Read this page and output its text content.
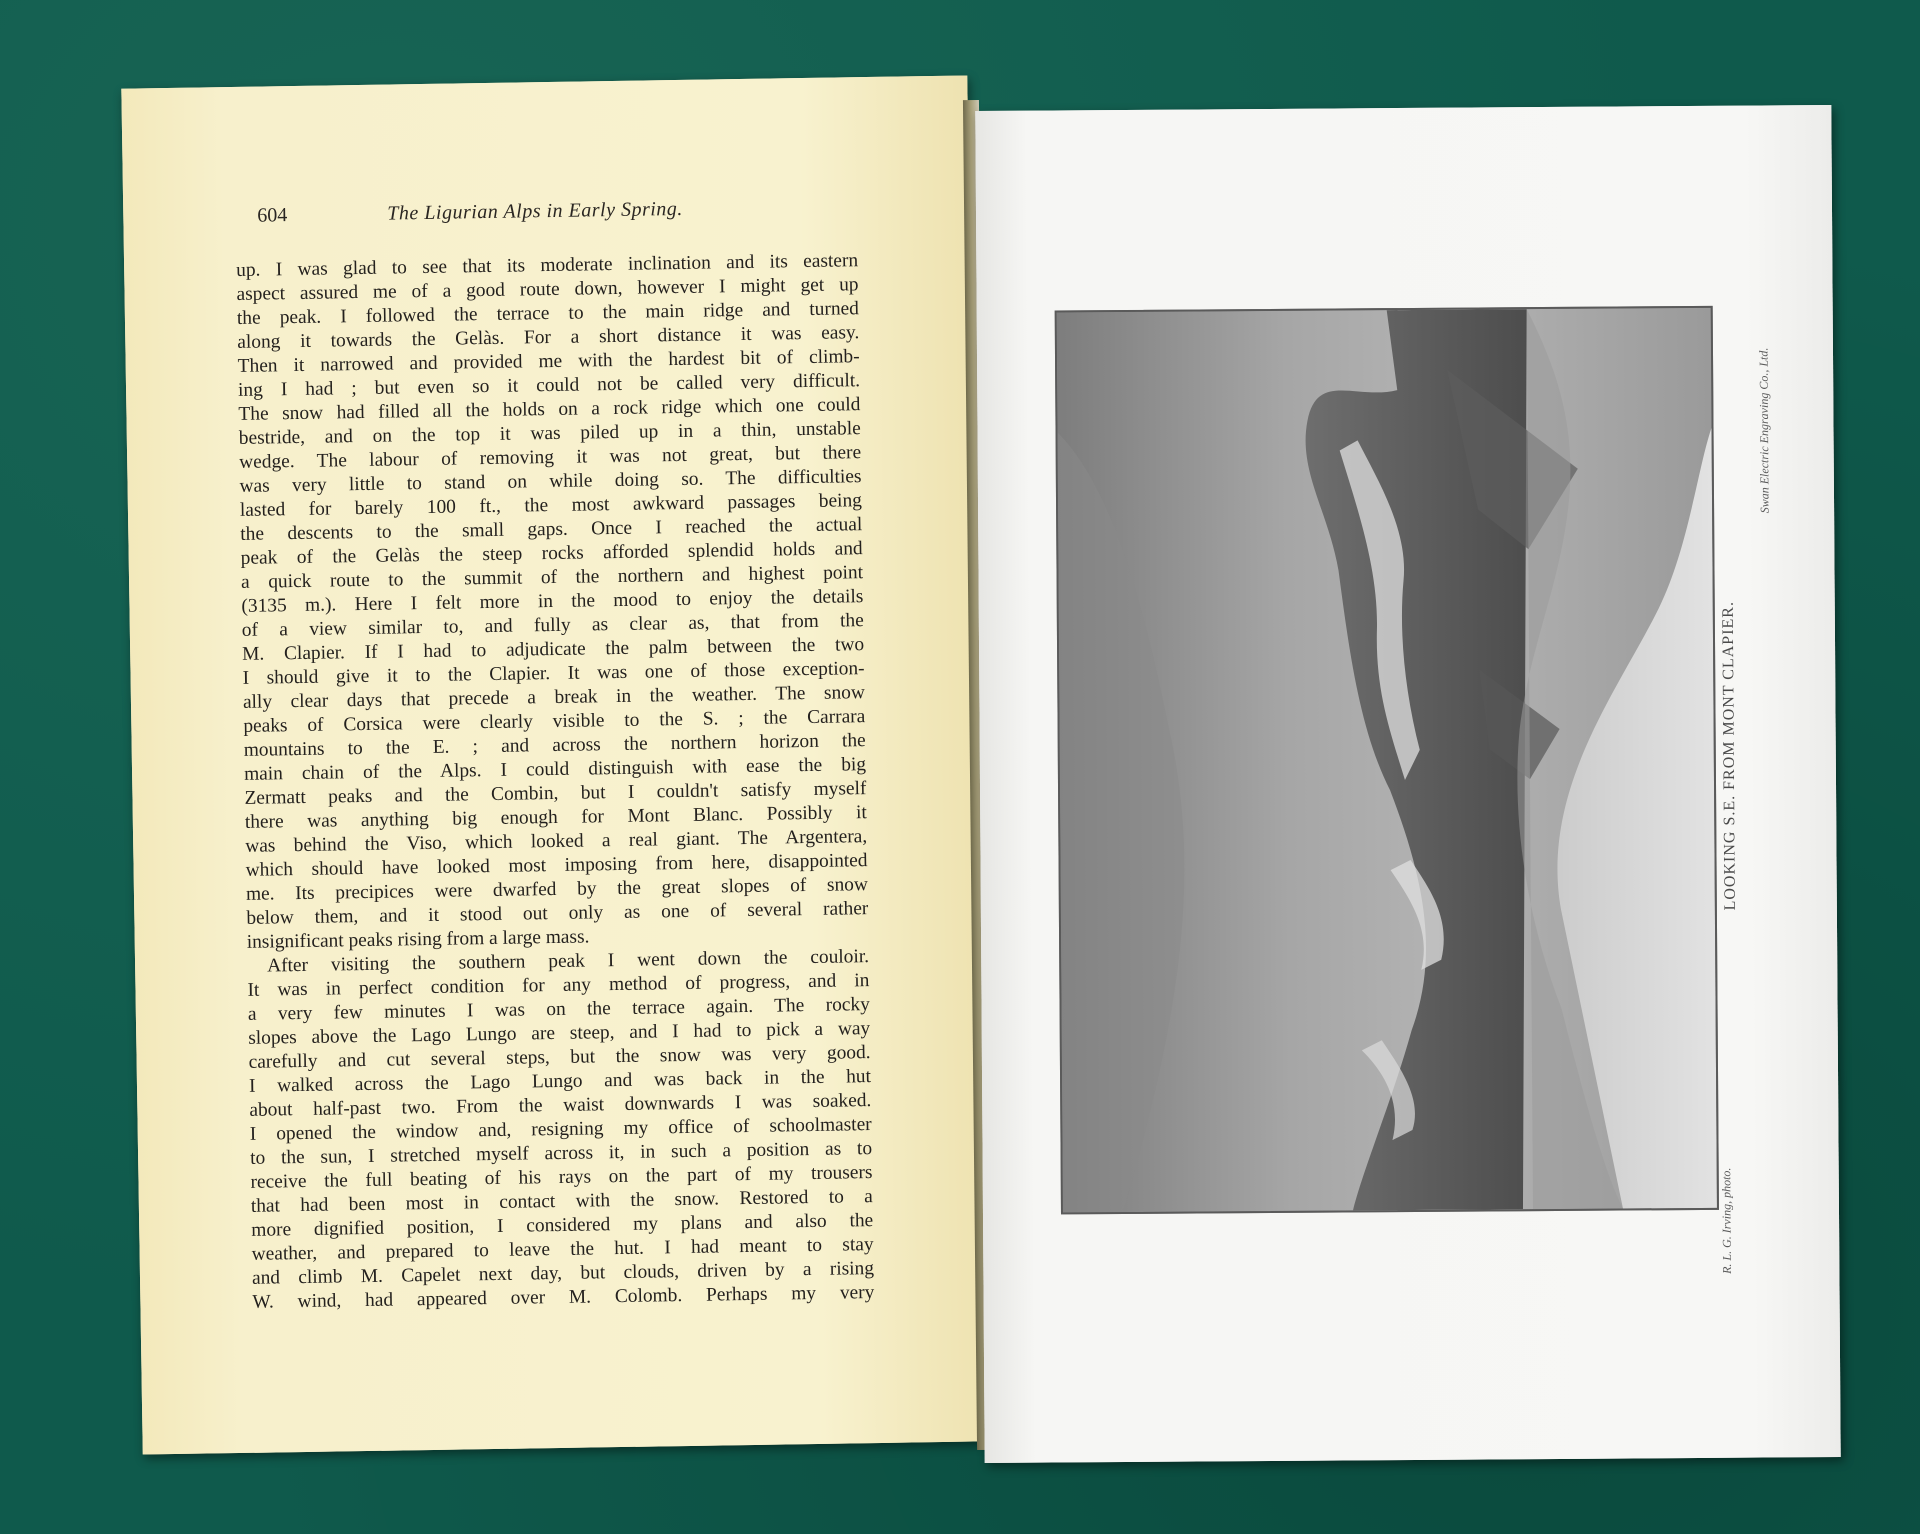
604	The Ligurian Alps in Early Spring.
up. I was glad to see that its moderate inclination and its eastern
aspect assured me of a good route down, however I might get up
the peak. I followed the terrace to the main ridge and turned
along it towards the Gelàs. For a short distance it was easy.
Then it narrowed and provided me with the hardest bit of climb-
ing I had ; but even so it could not be called very difficult.
The snow had filled all the holds on a rock ridge which one could
bestride, and on the top it was piled up in a thin, unstable
wedge. The labour of removing it was not great, but there
was very little to stand on while doing so. The difficulties
lasted for barely 100 ft., the most awkward passages being
the descents to the small gaps. Once I reached the actual
peak of the Gelàs the steep rocks afforded splendid holds and
a quick route to the summit of the northern and highest point
(3135 m.). Here I felt more in the mood to enjoy the details
of a view similar to, and fully as clear as, that from the
M. Clapier. If I had to adjudicate the palm between the two
I should give it to the Clapier. It was one of those exception-
ally clear days that precede a break in the weather. The snow
peaks of Corsica were clearly visible to the S. ; the Carrara
mountains to the E. ; and across the northern horizon the
main chain of the Alps. I could distinguish with ease the big
Zermatt peaks and the Combin, but I couldn't satisfy myself
there was anything big enough for Mont Blanc. Possibly it
was behind the Viso, which looked a real giant. The Argentera,
which should have looked most imposing from here, disappointed
me. Its precipices were dwarfed by the great slopes of snow
below them, and it stood out only as one of several rather
insignificant peaks rising from a large mass.
After visiting the southern peak I went down the couloir.
It was in perfect condition for any method of progress, and in
a very few minutes I was on the terrace again. The rocky
slopes above the Lago Lungo are steep, and I had to pick a way
carefully and cut several steps, but the snow was very good.
I walked across the Lago Lungo and was back in the hut
about half-past two. From the waist downwards I was soaked.
I opened the window and, resigning my office of schoolmaster
to the sun, I stretched myself across it, in such a position as to
receive the full beating of his rays on the part of my trousers
that had been most in contact with the snow. Restored to a
more dignified position, I considered my plans and also the
weather, and prepared to leave the hut. I had meant to stay
and climb M. Capelet next day, but clouds, driven by a rising
W. wind, had appeared over M. Colomb. Perhaps my very
LOOKING S.E. FROM MONT CLAPIER.
Swan Electric Engraving Co., Ltd.
R. L. G. Irving, photo.
